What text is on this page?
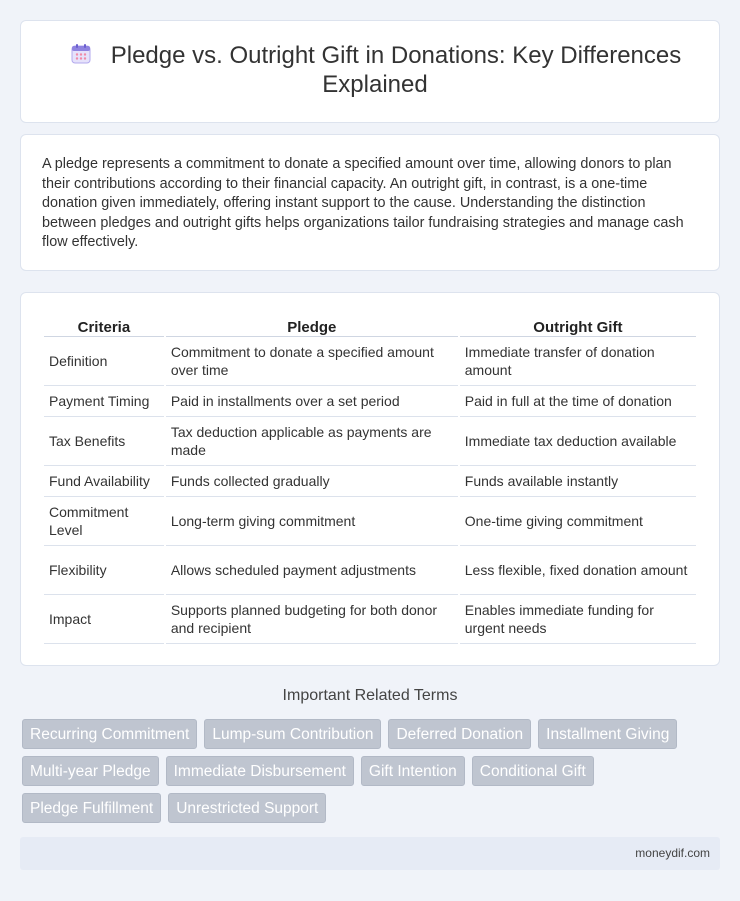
Pledge vs. Outright Gift in Donations: Key Differences Explained

A pledge represents a commitment to donate a specified amount over time, allowing donors to plan their contributions according to their financial capacity. An outright gift, in contrast, is a one-time donation given immediately, offering instant support to the cause. Understanding the distinction between pledges and outright gifts helps organizations tailor fundraising strategies and manage cash flow effectively.

Criteria	Pledge	Outright Gift
Definition	Commitment to donate a specified amount over time	Immediate transfer of donation amount
Payment Timing	Paid in installments over a set period	Paid in full at the time of donation
Tax Benefits	Tax deduction applicable as payments are made	Immediate tax deduction available
Fund Availability	Funds collected gradually	Funds available instantly
Commitment Level	Long-term giving commitment	One-time giving commitment
Flexibility	Allows scheduled payment adjustments	Less flexible, fixed donation amount
Impact	Supports planned budgeting for both donor and recipient	Enables immediate funding for urgent needs
Important Related Terms
Recurring Commitment	Lump-sum Contribution	Deferred Donation	Installment Giving
Multi-year Pledge	Immediate Disbursement	Gift Intention	Conditional Gift
Pledge Fulfillment	Unrestricted Support
moneydif.com
